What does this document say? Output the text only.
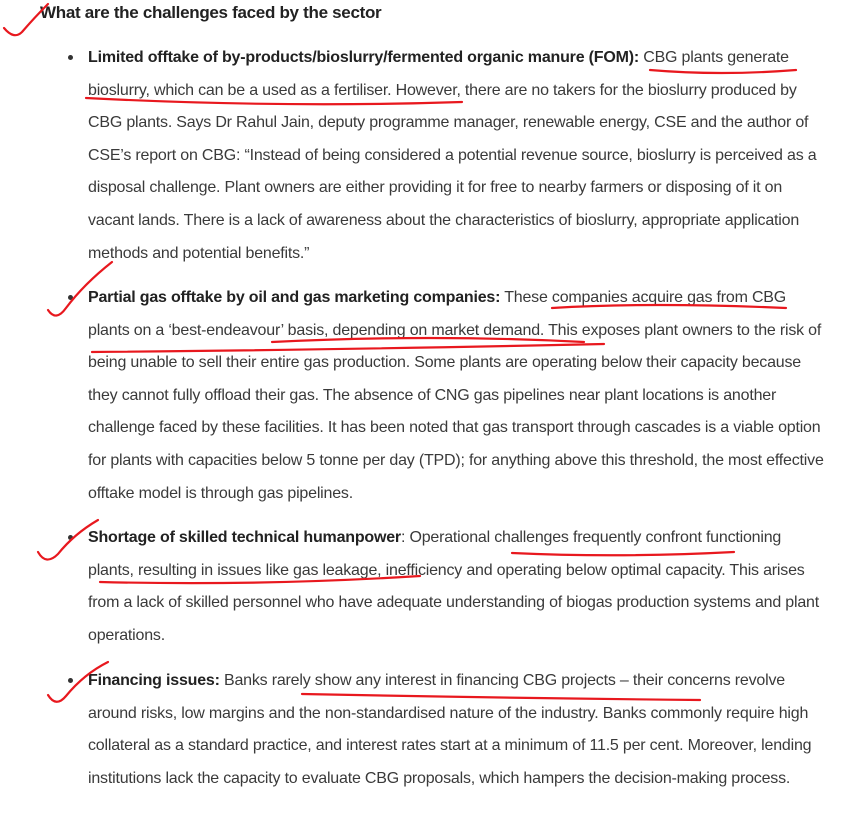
What are the challenges faced by the sector
Limited offtake of by-products/bioslurry/fermented organic manure (FOM): CBG plants generate bioslurry, which can be a used as a fertiliser. However, there are no takers for the bioslurry produced by CBG plants. Says Dr Rahul Jain, deputy programme manager, renewable energy, CSE and the author of CSE’s report on CBG: “Instead of being considered a potential revenue source, bioslurry is perceived as a disposal challenge. Plant owners are either providing it for free to nearby farmers or disposing of it on vacant lands. There is a lack of awareness about the characteristics of bioslurry, appropriate application methods and potential benefits.”
Partial gas offtake by oil and gas marketing companies: These companies acquire gas from CBG plants on a ‘best-endeavour’ basis, depending on market demand. This exposes plant owners to the risk of being unable to sell their entire gas production. Some plants are operating below their capacity because they cannot fully offload their gas. The absence of CNG gas pipelines near plant locations is another challenge faced by these facilities. It has been noted that gas transport through cascades is a viable option for plants with capacities below 5 tonne per day (TPD); for anything above this threshold, the most effective offtake model is through gas pipelines.
Shortage of skilled technical humanpower: Operational challenges frequently confront functioning plants, resulting in issues like gas leakage, inefficiency and operating below optimal capacity. This arises from a lack of skilled personnel who have adequate understanding of biogas production systems and plant operations.
Financing issues: Banks rarely show any interest in financing CBG projects – their concerns revolve around risks, low margins and the non-standardised nature of the industry. Banks commonly require high collateral as a standard practice, and interest rates start at a minimum of 11.5 per cent. Moreover, lending institutions lack the capacity to evaluate CBG proposals, which hampers the decision-making process.
